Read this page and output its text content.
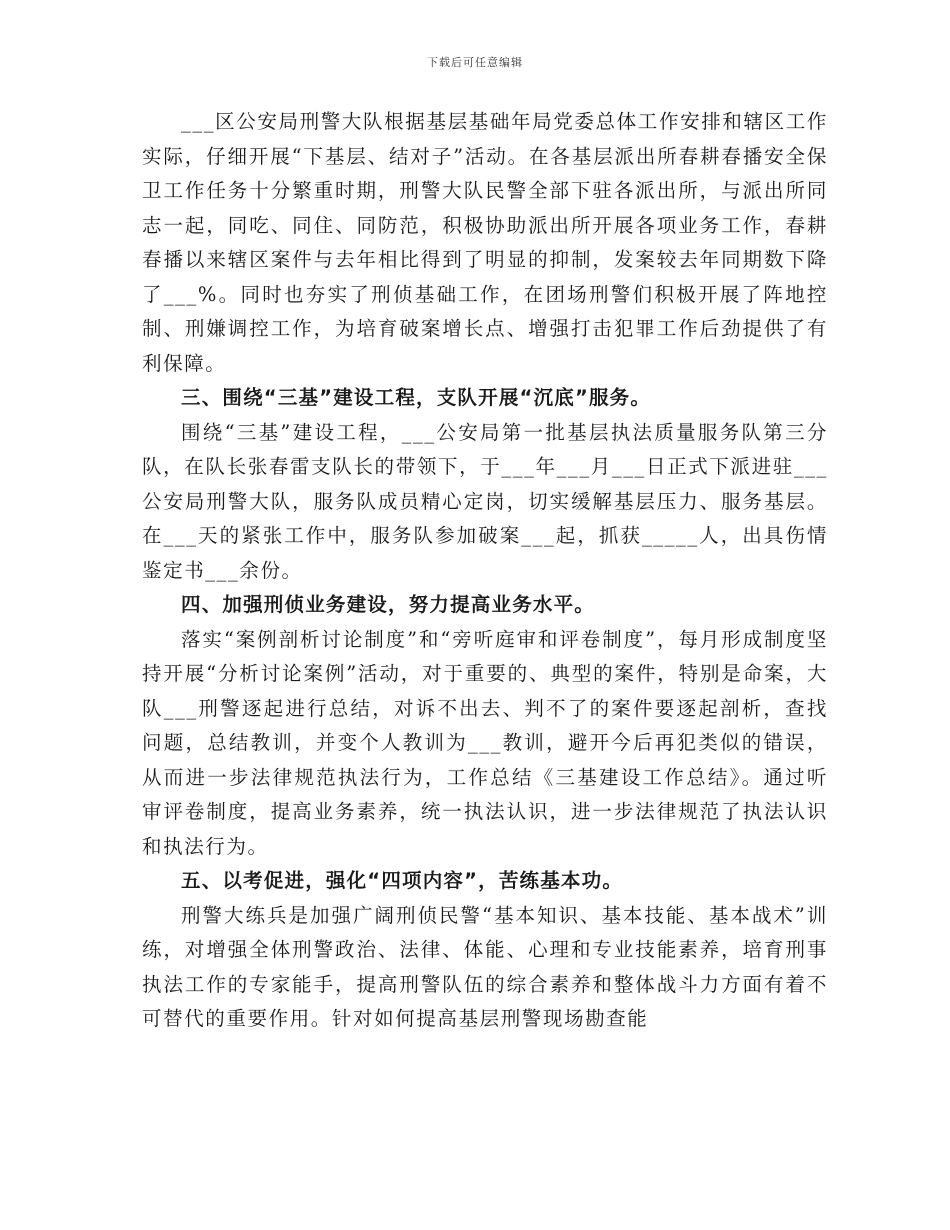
下载后可任意编辑

___区公安局刑警大队根据基层基础年局党委总体工作安排和辖区工作实际，仔细开展“下基层、结对子”活动。在各基层派出所春耕春播安全保卫工作任务十分繁重时期，刑警大队民警全部下驻各派出所，与派出所同志一起，同吃、同住、同防范，积极协助派出所开展各项业务工作，春耕春播以来辖区案件与去年相比得到了明显的抑制，发案较去年同期数下降了___%。同时也夯实了刑侦基础工作，在团场刑警们积极开展了阵地控制、刑嫌调控工作，为培育破案增长点、增强打击犯罪工作后劲提供了有利保障。

三、围绕“三基”建设工程，支队开展“沉底”服务。

围绕“三基”建设工程，___公安局第一批基层执法质量服务队第三分队，在队长张春雷支队长的带领下，于___年___月___日正式下派进驻___公安局刑警大队，服务队成员精心定岗，切实缓解基层压力、服务基层。在___天的紧张工作中，服务队参加破案___起，抓获_____人，出具伤情鉴定书___余份。

四、加强刑侦业务建设，努力提高业务水平。

落实“案例剖析讨论制度”和“旁听庭审和评卷制度”，每月形成制度坚持开展“分析讨论案例”活动，对于重要的、典型的案件，特别是命案，大队___刑警逐起进行总结，对诉不出去、判不了的案件要逐起剖析，查找问题，总结教训，并变个人教训为___教训，避开今后再犯类似的错误，从而进一步法律规范执法行为，工作总结《三基建设工作总结》。通过听审评卷制度，提高业务素养，统一执法认识，进一步法律规范了执法认识和执法行为。

五、以考促进，强化“四项内容”，苦练基本功。

刑警大练兵是加强广阔刑侦民警“基本知识、基本技能、基本战术”训练，对增强全体刑警政治、法律、体能、心理和专业技能素养，培育刑事执法工作的专家能手，提高刑警队伍的综合素养和整体战斗力方面有着不可替代的重要作用。针对如何提高基层刑警现场勘查能
